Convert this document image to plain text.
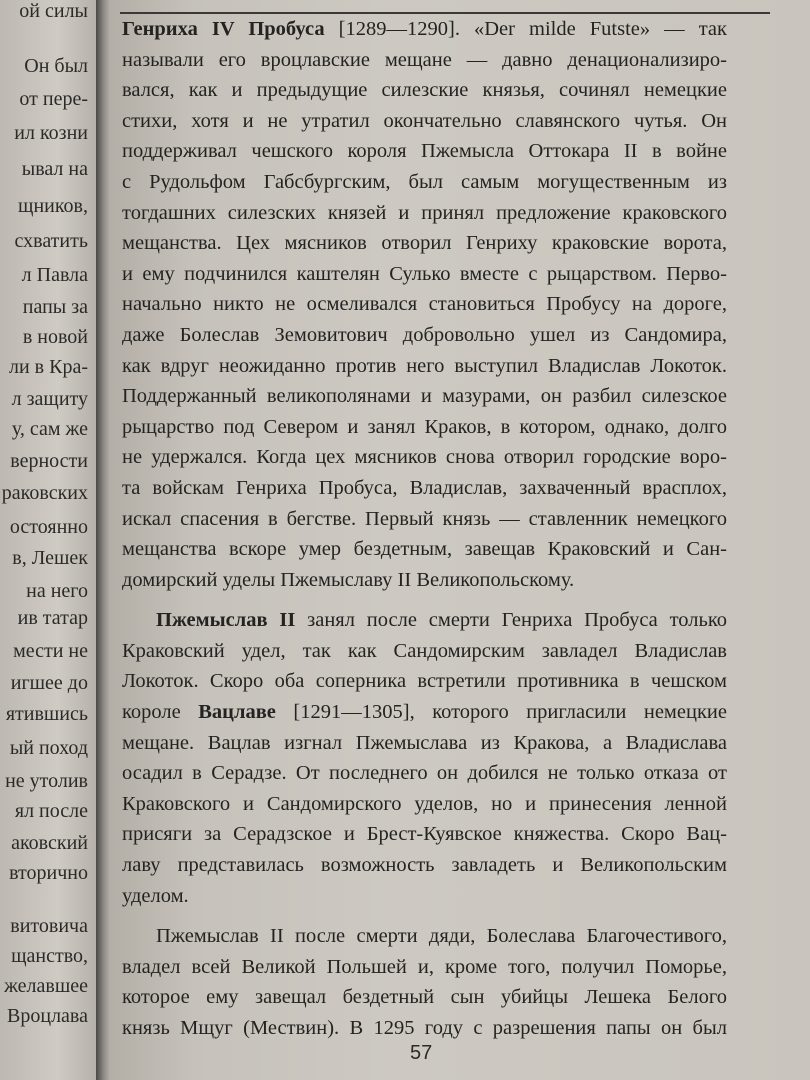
ой силы
Он был
от пере-
ил козни
ывал на
щников,
схватить
л Павла
папы за
в новой
ли в Кра-
л защиту
у, сам же
верности
раковских
остоянно
в, Лешек
на него
ив татар
мести не
игшее до
ятившись
ый поход
не утолив
ял после
аковский
вторично
витовича
щанство,
желавшее
Вроцлава
Генриха IV Пробуса [1289—1290]. «Der milde Futste» — так
называли его вроцлавские мещане — давно денационализиро-
вался, как и предыдущие силезские князья, сочинял немецкие
стихи, хотя и не утратил окончательно славянского чутья. Он
поддерживал чешского короля Пжемысла Оттокара II в войне
с Рудольфом Габсбургским, был самым могущественным из
тогдашних силезских князей и принял предложение краковского
мещанства. Цех мясников отворил Генриху краковские ворота,
и ему подчинился каштелян Сулько вместе с рыцарством. Перво-
начально никто не осмеливался становиться Пробусу на дороге,
даже Болеслав Земовитович добровольно ушел из Сандомира,
как вдруг неожиданно против него выступил Владислав Локоток.
Поддержанный великополянами и мазурами, он разбил силезское
рыцарство под Севером и занял Краков, в котором, однако, долго
не удержался. Когда цех мясников снова отворил городские воро-
та войскам Генриха Пробуса, Владислав, захваченный врасплох,
искал спасения в бегстве. Первый князь — ставленник немецкого
мещанства вскоре умер бездетным, завещав Краковский и Сан-
домирский уделы Пжемыславу II Великопольскому.
Пжемыслав II занял после смерти Генриха Пробуса только
Краковский удел, так как Сандомирским завладел Владислав
Локоток. Скоро оба соперника встретили противника в чешском
короле Вацлаве [1291—1305], которого пригласили немецкие
мещане. Вацлав изгнал Пжемыслава из Кракова, а Владислава
осадил в Серадзе. От последнего он добился не только отказа от
Краковского и Сандомирского уделов, но и принесения ленной
присяги за Серадзское и Брест-Куявское княжества. Скоро Вац-
лаву представилась возможность завладеть и Великопольским
уделом.
Пжемыслав II после смерти дяди, Болеслава Благочестивого,
владел всей Великой Польшей и, кроме того, получил Поморье,
которое ему завещал бездетный сын убийцы Лешека Белого
князь Мщуг (Мествин). В 1295 году с разрешения папы он был
57
